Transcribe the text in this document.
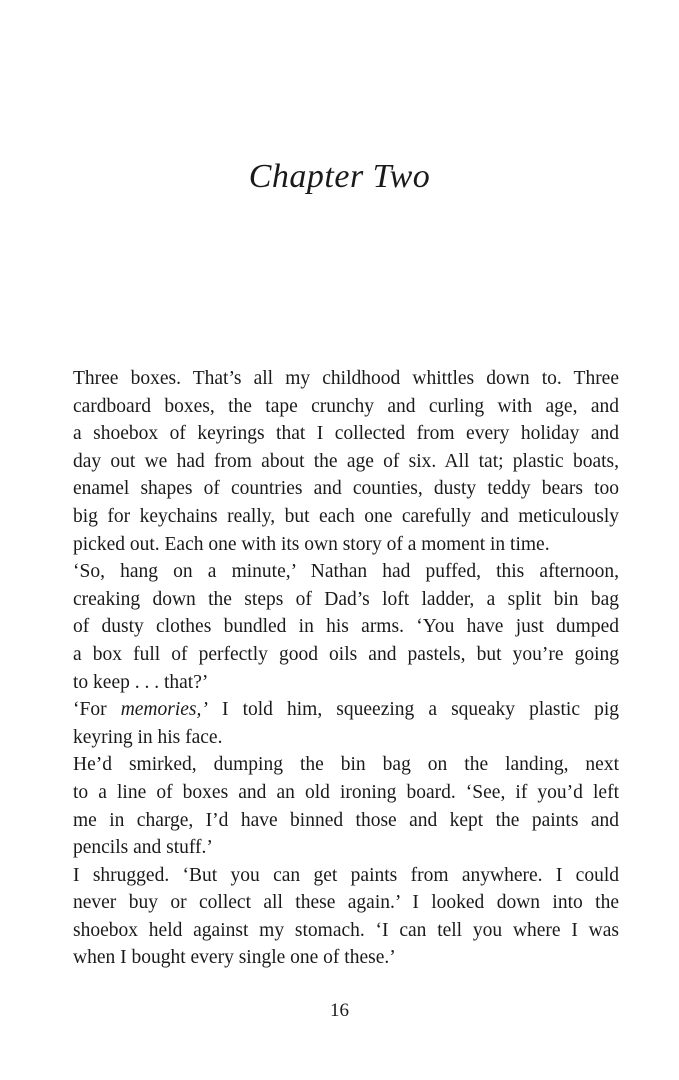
Chapter Two

Three boxes. That’s all my childhood whittles down to. Three
cardboard boxes, the tape crunchy and curling with age, and
a shoebox of keyrings that I collected from every holiday and
day out we had from about the age of six. All tat; plastic boats,
enamel shapes of countries and counties, dusty teddy bears too
big for keychains really, but each one carefully and meticulously
picked out. Each one with its own story of a moment in time.

‘So, hang on a minute,’ Nathan had puffed, this afternoon,
creaking down the steps of Dad’s loft ladder, a split bin bag
of dusty clothes bundled in his arms. ‘You have just dumped
a box full of perfectly good oils and pastels, but you’re going
to keep . . . that?’

‘For memories,’ I told him, squeezing a squeaky plastic pig
keyring in his face.

He’d smirked, dumping the bin bag on the landing, next
to a line of boxes and an old ironing board. ‘See, if you’d left
me in charge, I’d have binned those and kept the paints and
pencils and stuff.’

I shrugged. ‘But you can get paints from anywhere. I could
never buy or collect all these again.’ I looked down into the
shoebox held against my stomach. ‘I can tell you where I was
when I bought every single one of these.’

16
